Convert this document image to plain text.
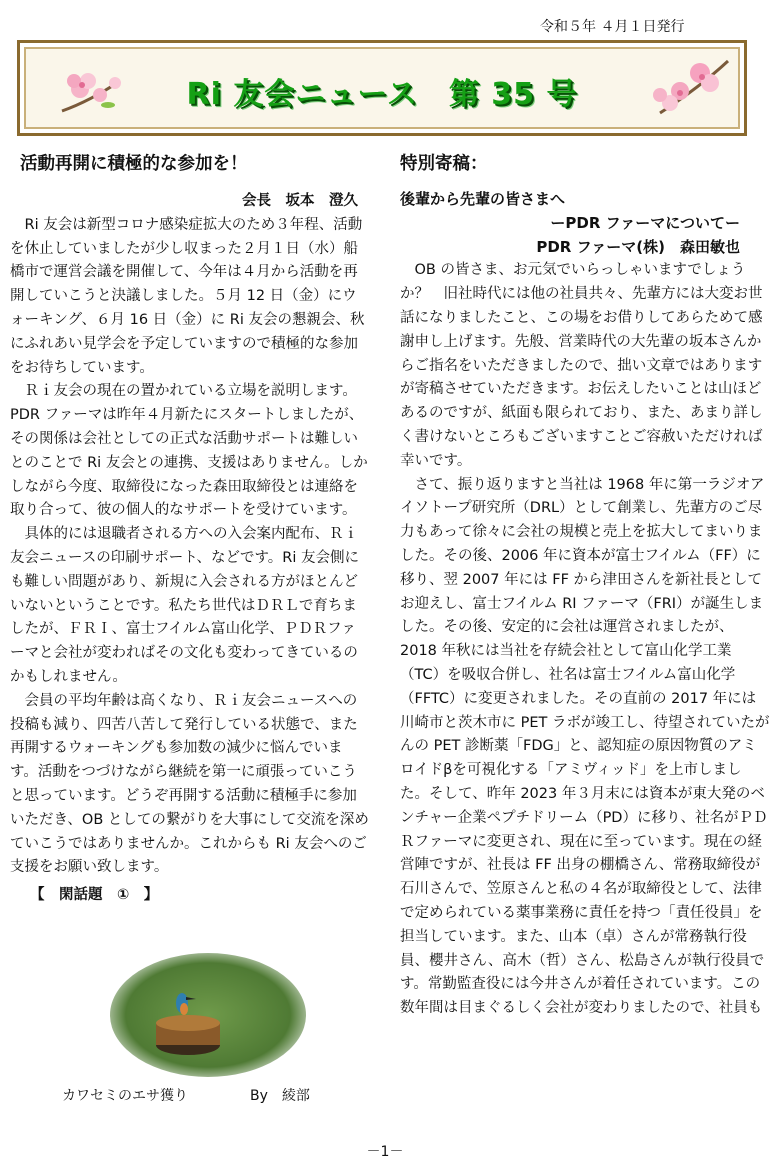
令和５年 ４月１日発行
Ri 友会ニュース　第 35 号
活動再開に積極的な参加を！
会長　坂本　澄久

Ri 友会は新型コロナ感染症拡大のため３年程、活動を休止していましたが少し収まった２月１日（水）船橋市で運営会議を開催して、今年は４月から活動を再開していこうと決議しました。５月 12 日（金）にウォーキング、６月 16 日（金）に Ri 友会の懇親会、秋にふれあい見学会を予定していますので積極的な参加をお待ちしています。

Ｒｉ友会の現在の置かれている立場を説明します。PDR ファーマは昨年４月新たにスタートしましたが、その関係は会社としての正式な活動サポートは難しいとのことで Ri 友会との連携、支援はありません。しかしながら今度、取締役になった森田取締役とは連絡を取り合って、彼の個人的なサポートを受けています。

具体的には退職者される方への入会案内配布、Ｒｉ友会ニュースの印刷サポート、などです。Ri 友会側にも難しい問題があり、新規に入会される方がほとんどいないということです。私たち世代はＤＲＬで育ちましたが、ＦＲＩ、富士フイルム富山化学、ＰＤＲファーマと会社が変わればその文化も変わってきているのかもしれません。

会員の平均年齢は高くなり、Ｒｉ友会ニュースへの投稿も減り、四苦八苦して発行している状態で、また再開するウォーキングも参加数の減少に悩んでいます。活動をつづけながら継続を第一に頑張っていこうと思っています。どうぞ再開する活動に積極手に参加いただき、OB としての繋がりを大事にして交流を深めていこうではありませんか。これからも Ri 友会へのご支援をお願い致します。

【　閑話題　①　】
カワセミのエサ獲り	By　綾部
特別寄稿：
後輩から先輩の皆さまへ
ーPDR ファーマについてー
PDR ファーマ(株)　森田敏也

OB の皆さま、お元気でいらっしゃいますでしょうか？　旧社時代には他の社員共々、先輩方には大変お世話になりましたこと、この場をお借りしてあらためて感謝申し上げます。先般、営業時代の大先輩の坂本さんからご指名をいただきましたので、拙い文章ではありますが寄稿させていただきます。お伝えしたいことは山ほどあるのですが、紙面も限られており、また、あまり詳しく書けないところもございますことご容赦いただければ幸いです。

さて、振り返りますと当社は 1968 年に第一ラジオアイソトープ研究所（DRL）として創業し、先輩方のご尽力もあって徐々に会社の規模と売上を拡大してまいりました。その後、2006 年に資本が富士フイルム（FF）に移り、翌 2007 年には FF から津田さんを新社長としてお迎えし、富士フイルム RI ファーマ（FRI）が誕生しました。その後、安定的に会社は運営されましたが、2018 年秋には当社を存続会社として富山化学工業（TC）を吸収合併し、社名は富士フイルム富山化学（FFTC）に変更されました。その直前の 2017 年には川崎市と茨木市に PET ラボが竣工し、待望されていたがんの PET 診断薬「FDG」と、認知症の原因物質のアミロイドβを可視化する「アミヴィッド」を上市しました。そして、昨年 2023 年３月末には資本が東大発のベンチャー企業ペプチドリーム（PD）に移り、社名がＰＤＲファーマに変更され、現在に至っています。現在の経営陣ですが、社長は FF 出身の棚橋さん、常務取締役が石川さんで、笠原さんと私の４名が取締役として、法律で定められている薬事業務に責任を持つ「責任役員」を担当しています。また、山本（卓）さんが常務執行役員、櫻井さん、高木（哲）さん、松島さんが執行役員です。常勤監査役には今井さんが着任されています。この数年間は目まぐるしく会社が変わりましたので、社員も

－1－
